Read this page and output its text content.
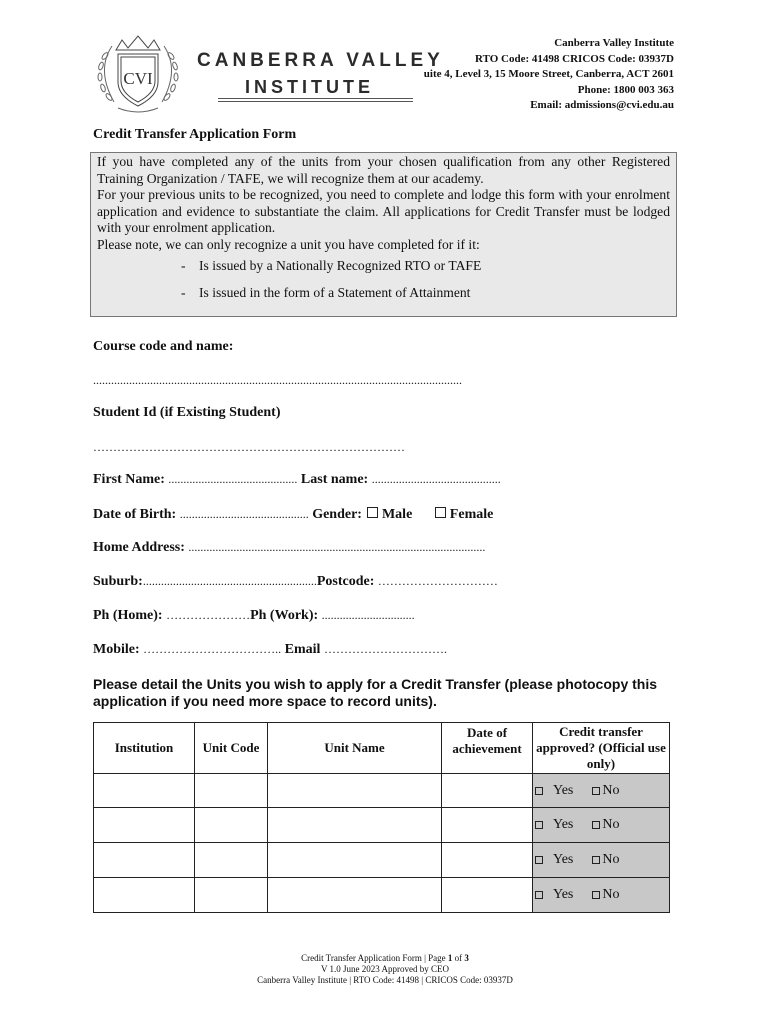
CVI
CANBERRA VALLEY
INSTITUTE
Canberra Valley Institute
RTO Code: 41498 CRICOS Code: 03937D
uite 4, Level 3, 15 Moore Street, Canberra, ACT 2601
Phone: 1800 003 363
Email: admissions@cvi.edu.au
Credit Transfer Application Form

If you have completed any of the units from your chosen qualification from any other Registered Training Organization / TAFE, we will recognize them at our academy.

For your previous units to be recognized, you need to complete and lodge this form with your enrolment application and evidence to substantiate the claim. All applications for Credit Transfer must be lodged with your enrolment application.

Please note, we can only recognize a unit you have completed for if it:

- Is issued by a Nationally Recognized RTO or TAFE
- Is issued in the form of a Statement of Attainment
Course code and name:
...........................................................................................................................
Student Id (if Existing Student)
……………………………………………………………………
First Name: ........................................... Last name: ...........................................
Date of Birth: ........................................... Gender: Male	Female
Home Address: ...................................................................................................
Suburb:..........................................................Postcode: …………………………
Ph (Home): …………………Ph (Work): ...............................
Mobile: …………………………….. Email ………………………….
Please detail the Units you wish to apply for a Credit Transfer (please photocopy this application if you need more space to record units).
Institution	Unit Code	Unit Name	Date of achievement	Credit transfer approved? (Official use only)

				Yes No

				Yes No

				Yes No

				Yes No
Credit Transfer Application Form | Page 1 of 3
V 1.0 June 2023 Approved by CEO
Canberra Valley Institute | RTO Code: 41498 | CRICOS Code: 03937D
